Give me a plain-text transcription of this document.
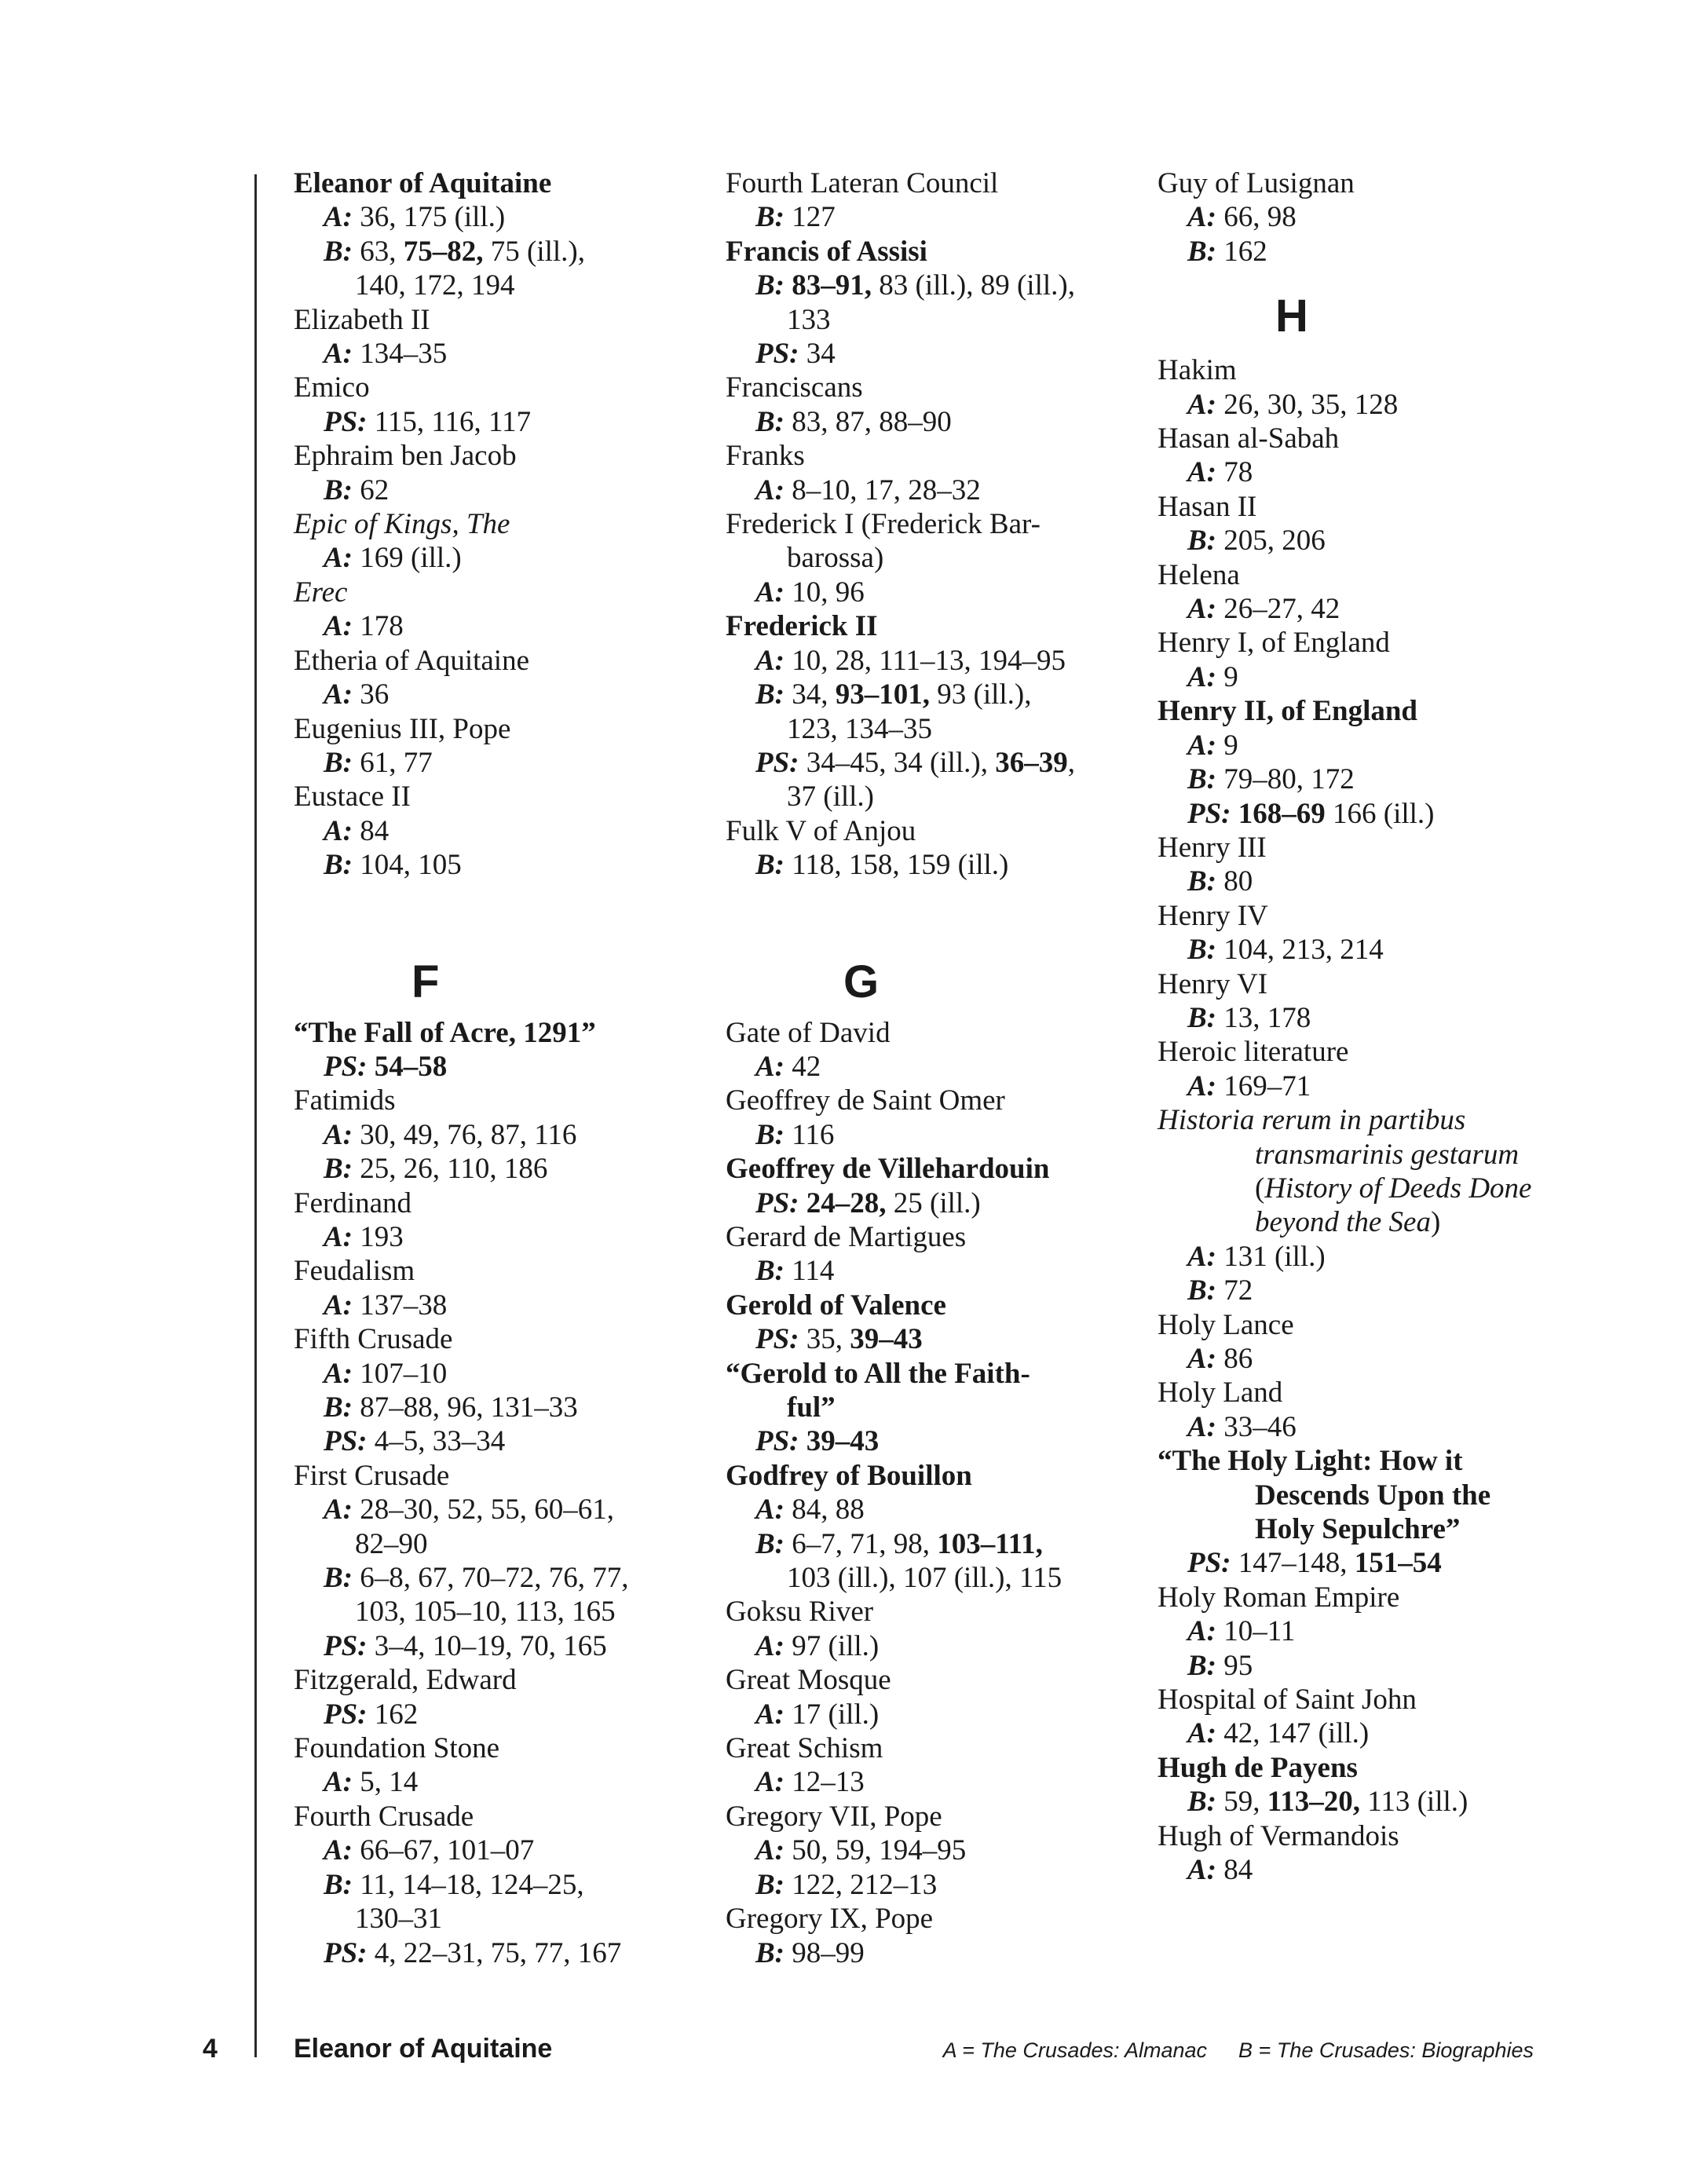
Eleanor of Aquitaine
A: 36, 175 (ill.)
B: 63, 75–82, 75 (ill.),
140, 172, 194
Elizabeth II
A: 134–35
Emico
PS: 115, 116, 117
Ephraim ben Jacob
B: 62
Epic of Kings, The
A: 169 (ill.)
Erec
A: 178
Etheria of Aquitaine
A: 36
Eugenius III, Pope
B: 61, 77
Eustace II
A: 84
B: 104, 105
F
“The Fall of Acre, 1291”
PS: 54–58
Fatimids
A: 30, 49, 76, 87, 116
B: 25, 26, 110, 186
Ferdinand
A: 193
Feudalism
A: 137–38
Fifth Crusade
A: 107–10
B: 87–88, 96, 131–33
PS: 4–5, 33–34
First Crusade
A: 28–30, 52, 55, 60–61,
82–90
B: 6–8, 67, 70–72, 76, 77,
103, 105–10, 113, 165
PS: 3–4, 10–19, 70, 165
Fitzgerald, Edward
PS: 162
Foundation Stone
A: 5, 14
Fourth Crusade
A: 66–67, 101–07
B: 11, 14–18, 124–25,
130–31
PS: 4, 22–31, 75, 77, 167
Fourth Lateran Council
B: 127
Francis of Assisi
B: 83–91, 83 (ill.), 89 (ill.),
133
PS: 34
Franciscans
B: 83, 87, 88–90
Franks
A: 8–10, 17, 28–32
Frederick I (Frederick Bar-
barossa)
A: 10, 96
Frederick II
A: 10, 28, 111–13, 194–95
B: 34, 93–101, 93 (ill.),
123, 134–35
PS: 34–45, 34 (ill.), 36–39,
37 (ill.)
Fulk V of Anjou
B: 118, 158, 159 (ill.)
G
Gate of David
A: 42
Geoffrey de Saint Omer
B: 116
Geoffrey de Villehardouin
PS: 24–28, 25 (ill.)
Gerard de Martigues
B: 114
Gerold of Valence
PS: 35, 39–43
“Gerold to All the Faith-
ful”
PS: 39–43
Godfrey of Bouillon
A: 84, 88
B: 6–7, 71, 98, 103–111,
103 (ill.), 107 (ill.), 115
Goksu River
A: 97 (ill.)
Great Mosque
A: 17 (ill.)
Great Schism
A: 12–13
Gregory VII, Pope
A: 50, 59, 194–95
B: 122, 212–13
Gregory IX, Pope
B: 98–99
Guy of Lusignan
A: 66, 98
B: 162
H
Hakim
A: 26, 30, 35, 128
Hasan al-Sabah
A: 78
Hasan II
B: 205, 206
Helena
A: 26–27, 42
Henry I, of England
A: 9
Henry II, of England
A: 9
B: 79–80, 172
PS: 168–69 166 (ill.)
Henry III
B: 80
Henry IV
B: 104, 213, 214
Henry VI
B: 13, 178
Heroic literature
A: 169–71
Historia rerum in partibus
transmarinis gestarum
(History of Deeds Done
beyond the Sea)
A: 131 (ill.)
B: 72
Holy Lance
A: 86
Holy Land
A: 33–46
“The Holy Light: How it
Descends Upon the
Holy Sepulchre”
PS: 147–148, 151–54
Holy Roman Empire
A: 10–11
B: 95
Hospital of Saint John
A: 42, 147 (ill.)
Hugh de Payens
B: 59, 113–20, 113 (ill.)
Hugh of Vermandois
A: 84
4	Eleanor of Aquitaine	A = The Crusades: Almanac B = The Crusades: Biographies
